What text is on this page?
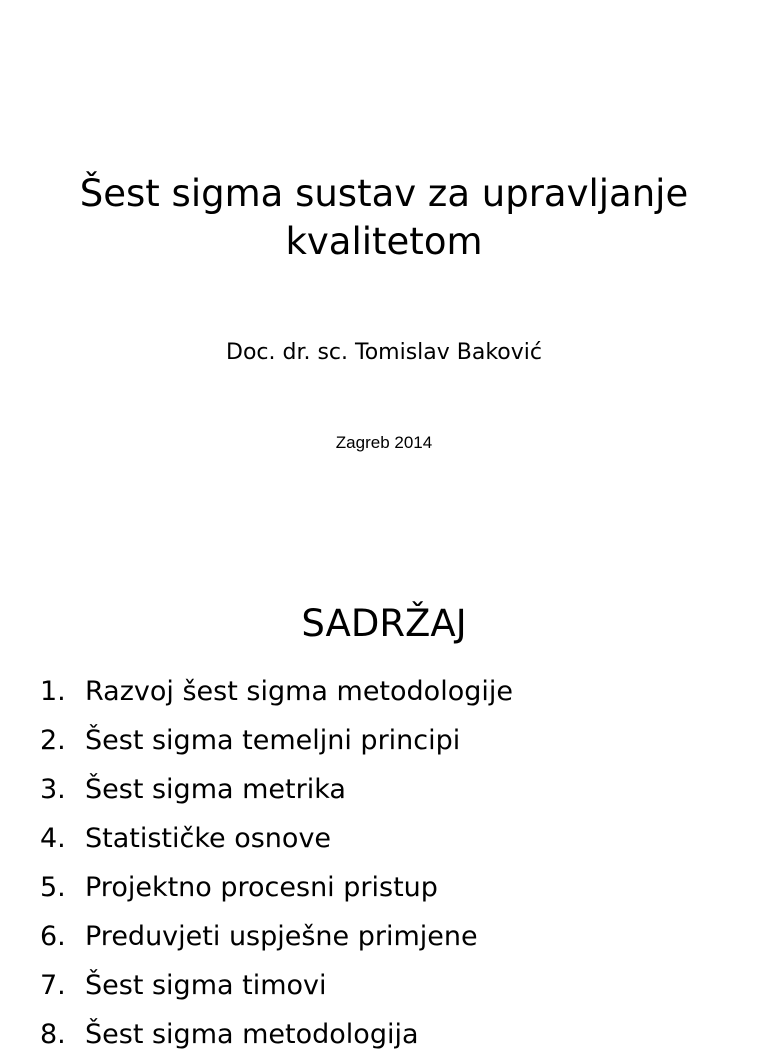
Šest sigma sustav za upravljanje
kvalitetom
Doc. dr. sc. Tomislav Baković
Zagreb 2014
SADRŽAJ
1. Razvoj šest sigma metodologije
2. Šest sigma temeljni principi
3. Šest sigma metrika
4. Statističke osnove
5. Projektno procesni pristup
6. Preduvjeti uspješne primjene
7. Šest sigma timovi
8. Šest sigma metodologija
